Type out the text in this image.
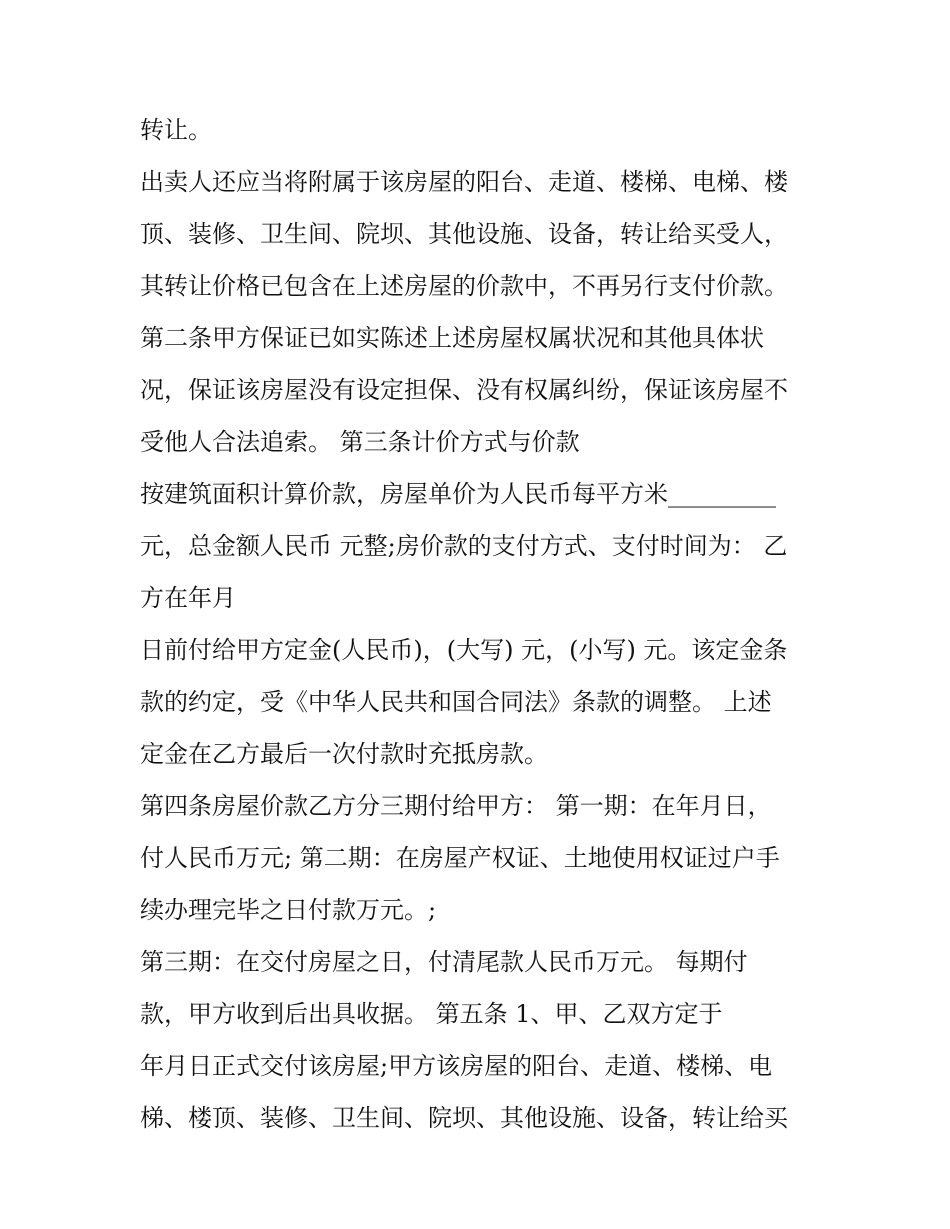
转让。
出卖人还应当将附属于该房屋的阳台、走道、楼梯、电梯、楼
顶、装修、卫生间、院坝、其他设施、设备，转让给买受人，
其转让价格已包含在上述房屋的价款中，不再另行支付价款。
第二条甲方保证已如实陈述上述房屋权属状况和其他具体状
况，保证该房屋没有设定担保、没有权属纠纷，保证该房屋不
受他人合法追索。 第三条计价方式与价款
按建筑面积计算价款，房屋单价为人民币每平方米_________
元，总金额人民币 元整;房价款的支付方式、支付时间为： 乙
方在年月
日前付给甲方定金(人民币)，(大写) 元，(小写) 元。该定金条
款的约定，受《中华人民共和国合同法》条款的调整。 上述
定金在乙方最后一次付款时充抵房款。
第四条房屋价款乙方分三期付给甲方： 第一期：在年月日，
付人民币万元; 第二期：在房屋产权证、土地使用权证过户手
续办理完毕之日付款万元。;
第三期：在交付房屋之日，付清尾款人民币万元。 每期付
款，甲方收到后出具收据。 第五条 1、甲、乙双方定于
年月日正式交付该房屋;甲方该房屋的阳台、走道、楼梯、电
梯、楼顶、装修、卫生间、院坝、其他设施、设备，转让给买
